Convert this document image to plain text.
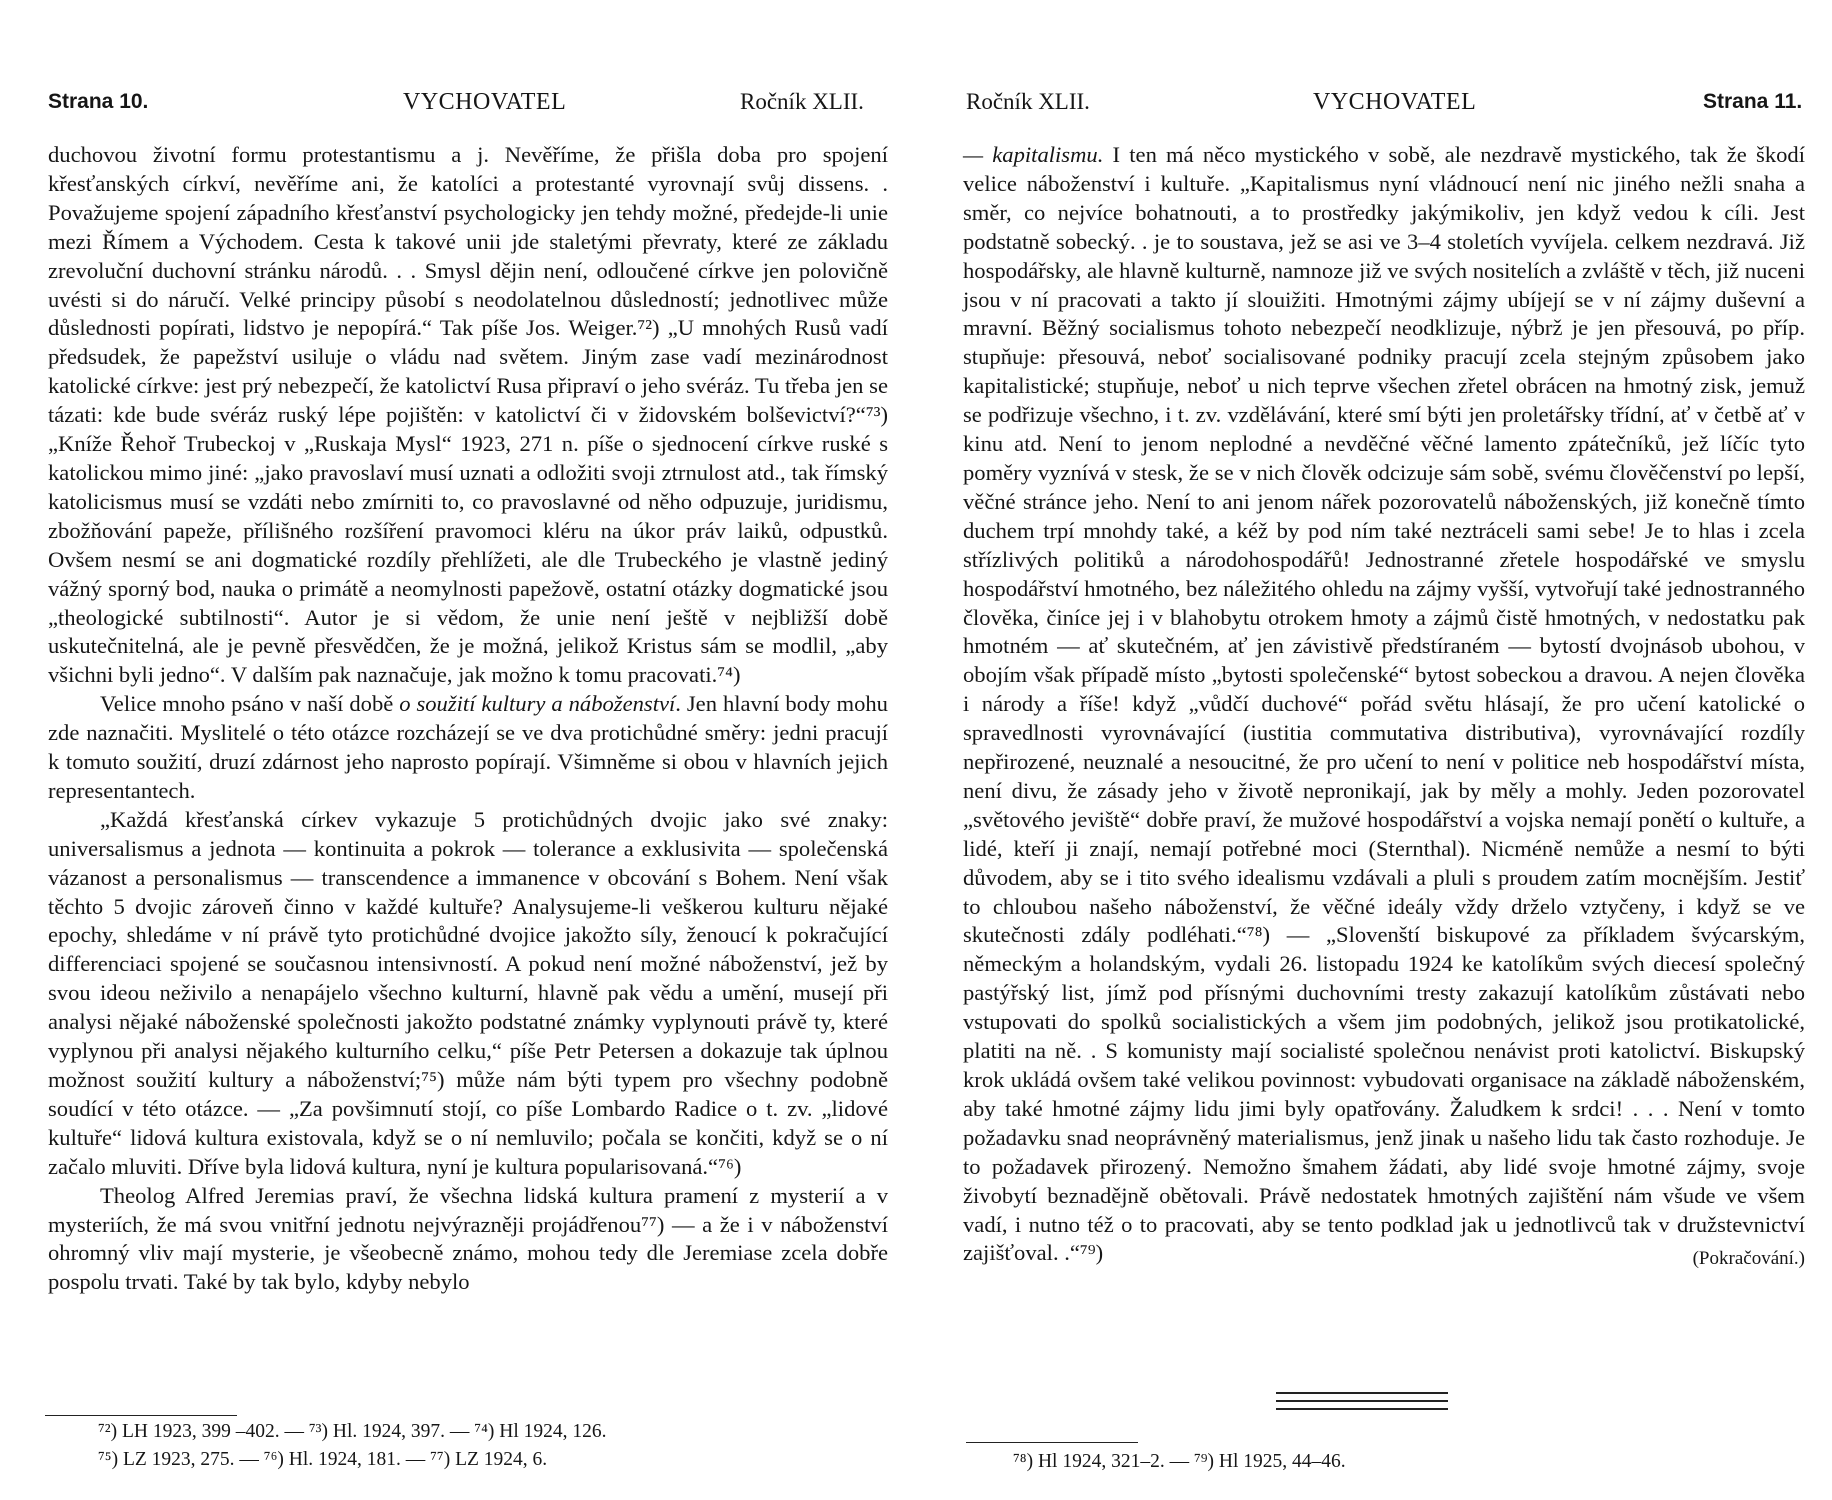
Strana 10.	VYCHOVATEL	Ročník XLII.

duchovou životní formu protestantismu a j. Nevěříme, že přišla doba pro spojení křesťanských církví, nevěříme ani, že katolíci a protestanté vyrovnají svůj dissens. . Považujeme spojení západního křesťanství psychologicky jen tehdy možné, předejde-li unie mezi Římem a Východem. Cesta k takové unii jde staletými převraty, které ze základu zrevoluční duchovní stránku národů. . . Smysl dějin není, odloučené církve jen polovičně uvésti si do náručí. Velké principy působí s neodolatelnou důsledností; jednotlivec může důslednosti popírati, lidstvo je nepopírá.“ Tak píše Jos. Weiger.⁷²) „U mnohých Rusů vadí předsudek, že papežství usiluje o vládu nad světem. Jiným zase vadí mezinárodnost katolické církve: jest prý nebezpečí, že katolictví Rusa připraví o jeho svéráz. Tu třeba jen se tázati: kde bude svéráz ruský lépe pojištěn: v katolictví či v židovském bolševictví?“⁷³) „Kníže Řehoř Trubeckoj v „Ruskaja Mysl“ 1923, 271 n. píše o sjednocení církve ruské s katolickou mimo jiné: „jako pravoslaví musí uznati a odložiti svoji ztrnulost atd., tak římský katolicismus musí se vzdáti nebo zmírniti to, co pravoslavné od něho odpuzuje, juridismu, zbožňování papeže, přílišného rozšíření pravomoci kléru na úkor práv laiků, odpustků. Ovšem nesmí se ani dogmatické rozdíly přehlížeti, ale dle Trubeckého je vlastně jediný vážný sporný bod, nauka o primátě a neomylnosti papežově, ostatní otázky dogmatické jsou „theologické subtilnosti“. Autor je si vědom, že unie není ještě v nejbližší době uskutečnitelná, ale je pevně přesvědčen, že je možná, jelikož Kristus sám se modlil, „aby všichni byli jedno“. V dalším pak naznačuje, jak možno k tomu pracovati.⁷⁴)

Velice mnoho psáno v naší době o soužití kultury a náboženství. Jen hlavní body mohu zde naznačiti. Myslitelé o této otázce rozcházejí se ve dva protichůdné směry: jedni pracují k tomuto soužití, druzí zdárnost jeho naprosto popírají. Všimněme si obou v hlavních jejich representantech.

„Každá křesťanská církev vykazuje 5 protichůdných dvojic jako své znaky: universalismus a jednota — kontinuita a pokrok — tolerance a exklusivita — společenská vázanost a personalismus — transcendence a immanence v obcování s Bohem. Není však těchto 5 dvojic zároveň činno v každé kultuře? Analysujeme-li veškerou kulturu nějaké epochy, shledáme v ní právě tyto protichůdné dvojice jakožto síly, ženoucí k pokračující differenciaci spojené se současnou intensivností. A pokud není možné náboženství, jež by svou ideou neživilo a nenapájelo všechno kulturní, hlavně pak vědu a umění, musejí při analysi nějaké náboženské společnosti jakožto podstatné známky vyplynouti právě ty, které vyplynou při analysi nějakého kulturního celku,“ píše Petr Petersen a dokazuje tak úplnou možnost soužití kultury a náboženství;⁷⁵) může nám býti typem pro všechny podobně soudící v této otázce. — „Za povšimnutí stojí, co píše Lombardo Radice o t. zv. „lidové kultuře“ lidová kultura existovala, když se o ní nemluvilo; počala se končiti, když se o ní začalo mluviti. Dříve byla lidová kultura, nyní je kultura popularisovaná.“⁷⁶)

Theolog Alfred Jeremias praví, že všechna lidská kultura pramení z mysterií a v mysteriích, že má svou vnitřní jednotu nejvýrazněji projádřenou⁷⁷) — a že i v náboženství ohromný vliv mají mysterie, je všeobecně známo, mohou tedy dle Jeremiase zcela dobře pospolu trvati. Také by tak bylo, kdyby nebylo

⁷²) LH 1923, 399 –402. — ⁷³) Hl. 1924, 397. — ⁷⁴) Hl 1924, 126.
⁷⁵) LZ 1923, 275. — ⁷⁶) Hl. 1924, 181. — ⁷⁷) LZ 1924, 6.
Ročník XLII.	VYCHOVATEL	Strana 11.

— kapitalismu. I ten má něco mystického v sobě, ale nezdravě mystického, tak že škodí velice náboženství i kultuře. „Kapitalismus nyní vládnoucí není nic jiného nežli snaha a směr, co nejvíce bohatnouti, a to prostředky jakýmikoliv, jen když vedou k cíli. Jest podstatně sobecký. . je to soustava, jež se asi ve 3–4 stoletích vyvíjela. celkem nezdravá. Již hospodářsky, ale hlavně kulturně, namnoze již ve svých nositelích a zvláště v těch, již nuceni jsou v ní pracovati a takto jí slouižiti. Hmotnými zájmy ubíjejí se v ní zájmy duševní a mravní. Běžný socialismus tohoto nebezpečí neodklizuje, nýbrž je jen přesouvá, po příp. stupňuje: přesouvá, neboť socialisované podniky pracují zcela stejným způsobem jako kapitalistické; stupňuje, neboť u nich teprve všechen zřetel obrácen na hmotný zisk, jemuž se podřizuje všechno, i t. zv. vzdělávání, které smí býti jen proletářsky třídní, ať v četbě ať v kinu atd. Není to jenom neplodné a nevděčné věčné lamento zpátečníků, jež líčíc tyto poměry vyznívá v stesk, že se v nich člověk odcizuje sám sobě, svému člověčenství po lepší, věčné stránce jeho. Není to ani jenom nářek pozorovatelů náboženských, již konečně tímto duchem trpí mnohdy také, a kéž by pod ním také neztráceli sami sebe! Je to hlas i zcela střízlivých politiků a národohospodářů! Jednostranné zřetele hospodářské ve smyslu hospodářství hmotného, bez náležitého ohledu na zájmy vyšší, vytvořují také jednostranného člověka, činíce jej i v blahobytu otrokem hmoty a zájmů čistě hmotných, v nedostatku pak hmotném — ať skutečném, ať jen závistivě předstíraném — bytostí dvojnásob ubohou, v obojím však případě místo „bytosti společenské“ bytost sobeckou a dravou. A nejen člověka i národy a říše! když „vůdčí duchové“ pořád světu hlásají, že pro učení katolické o spravedlnosti vyrovnávající (iustitia commutativa distributiva), vyrovnávající rozdíly nepřirozené, neuznalé a nesoucitné, že pro učení to není v politice neb hospodářství místa, není divu, že zásady jeho v životě nepronikají, jak by měly a mohly. Jeden pozorovatel „světového jeviště“ dobře praví, že mužové hospodářství a vojska nemají ponětí o kultuře, a lidé, kteří ji znají, nemají potřebné moci (Sternthal). Nicméně nemůže a nesmí to býti důvodem, aby se i tito svého idealismu vzdávali a pluli s proudem zatím mocnějším. Jestiť to chloubou našeho náboženství, že věčné ideály vždy drželo vztyčeny, i když se ve skutečnosti zdály podléhati.“⁷⁸) — „Slovenští biskupové za příkladem švýcarským, německým a holandským, vydali 26. listopadu 1924 ke katolíkům svých diecesí společný pastýřský list, jímž pod přísnými duchovními tresty zakazují katolíkům zůstávati nebo vstupovati do spolků socialistických a všem jim podobných, jelikož jsou protikatolické, platiti na ně. . S komunisty mají socialisté společnou nenávist proti katolictví. Biskupský krok ukládá ovšem také velikou povinnost: vybudovati organisace na základě náboženském, aby také hmotné zájmy lidu jimi byly opatřovány. Žaludkem k srdci! . . . Není v tomto požadavku snad neoprávněný materialismus, jenž jinak u našeho lidu tak často rozhoduje. Je to požadavek přirozený. Nemožno šmahem žádati, aby lidé svoje hmotné zájmy, svoje živobytí beznadějně obětovali. Právě nedostatek hmotných zajištění nám všude ve všem vadí, i nutno též o to pracovati, aby se tento podklad jak u jednotlivců tak v družstevnictví zajišťoval. .“⁷⁹)	(Pokračování.)

⁷⁸) Hl 1924, 321–2. — ⁷⁹) Hl 1925, 44–46.
